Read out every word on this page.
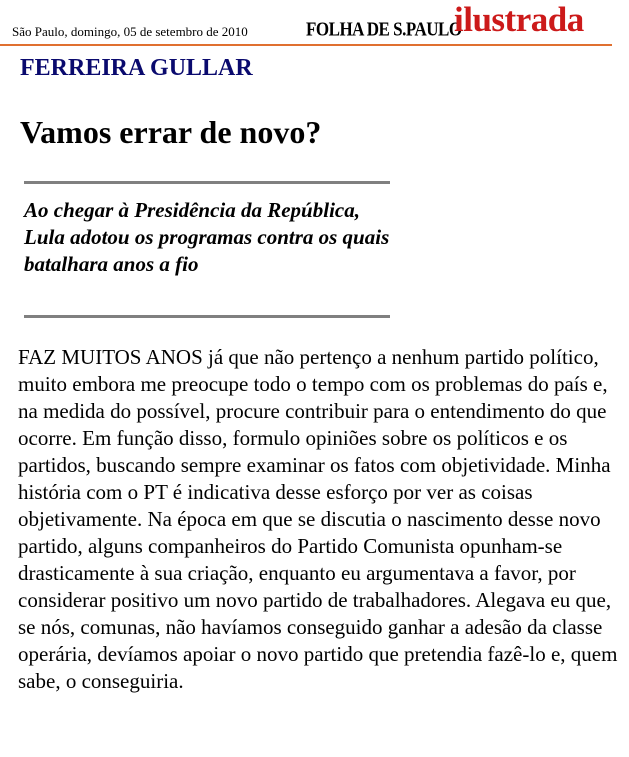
São Paulo, domingo, 05 de setembro de 2010	FOLHA DE S.PAULO
ilustrada
FERREIRA GULLAR
Vamos errar de novo?
Ao chegar à Presidência da República, Lula adotou os programas contra os quais batalhara anos a fio
FAZ MUITOS ANOS já que não pertenço a nenhum partido político, muito embora me preocupe todo o tempo com os problemas do país e, na medida do possível, procure contribuir para o entendimento do que ocorre. Em função disso, formulo opiniões sobre os políticos e os partidos, buscando sempre examinar os fatos com objetividade. Minha história com o PT é indicativa desse esforço por ver as coisas objetivamente. Na época em que se discutia o nascimento desse novo partido, alguns companheiros do Partido Comunista opunham-se drasticamente à sua criação, enquanto eu argumentava a favor, por considerar positivo um novo partido de trabalhadores. Alegava eu que, se nós, comunas, não havíamos conseguido ganhar a adesão da classe operária, devíamos apoiar o novo partido que pretendia fazê-lo e, quem sabe, o conseguiria.
